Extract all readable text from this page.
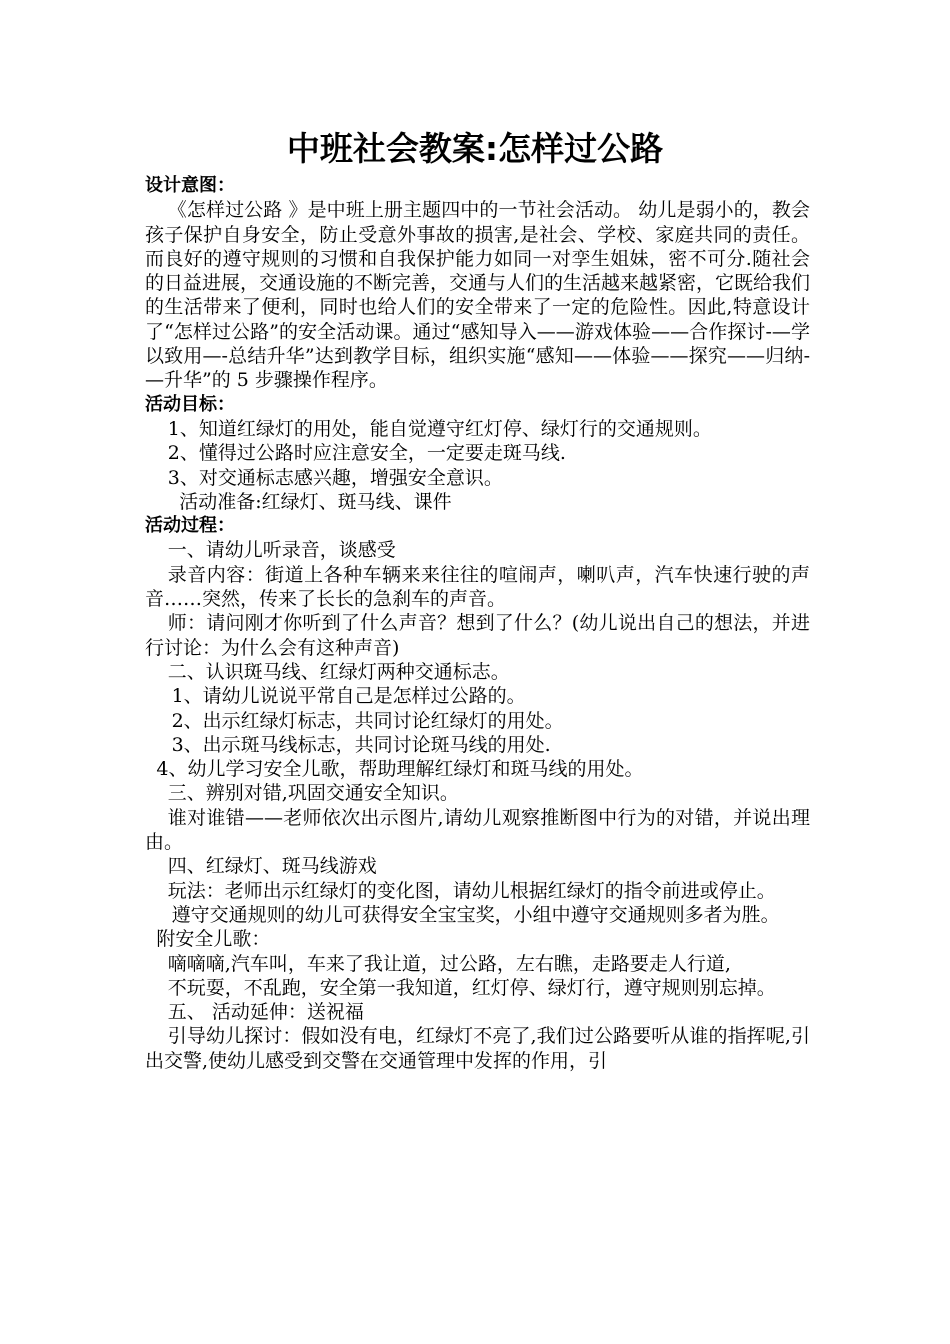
中班社会教案:怎样过公路

设计意图：

《怎样过公路 》是中班上册主题四中的一节社会活动。 幼儿是弱小的，教会孩子保护自身安全，防止受意外事故的损害,是社会、学校、家庭共同的责任。而良好的遵守规则的习惯和自我保护能力如同一对孪生姐妹，密不可分.随社会的日益进展，交通设施的不断完善，交通与人们的生活越来越紧密，它既给我们的生活带来了便利，同时也给人们的安全带来了一定的危险性。因此,特意设计了“怎样过公路”的安全活动课。通过“感知导入——游戏体验——合作探讨-—学以致用—-总结升华”达到教学目标，组织实施“感知——体验——探究——归纳-—升华”的 5 步骤操作程序。

活动目标：

1、知道红绿灯的用处，能自觉遵守红灯停、绿灯行的交通规则。

2、懂得过公路时应注意安全，一定要走斑马线.

3、对交通标志感兴趣，增强安全意识。

活动准备:红绿灯、斑马线、课件

活动过程：

一、请幼儿听录音，谈感受

录音内容：街道上各种车辆来来往往的喧闹声，喇叭声，汽车快速行驶的声音……突然，传来了长长的急刹车的声音。

师：请问刚才你听到了什么声音？想到了什么？(幼儿说出自己的想法，并进行讨论：为什么会有这种声音)

二、认识斑马线、红绿灯两种交通标志。

1、请幼儿说说平常自己是怎样过公路的。

2、出示红绿灯标志，共同讨论红绿灯的用处。

3、出示斑马线标志，共同讨论斑马线的用处.

4、幼儿学习安全儿歌，帮助理解红绿灯和斑马线的用处。

三、辨别对错,巩固交通安全知识。

谁对谁错——老师依次出示图片,请幼儿观察推断图中行为的对错，并说出理由。

四、红绿灯、斑马线游戏

玩法：老师出示红绿灯的变化图，请幼儿根据红绿灯的指令前进或停止。

遵守交通规则的幼儿可获得安全宝宝奖，小组中遵守交通规则多者为胜。

附安全儿歌：

嘀嘀嘀,汽车叫，车来了我让道，过公路，左右瞧，走路要走人行道,

不玩耍，不乱跑，安全第一我知道，红灯停、绿灯行，遵守规则别忘掉。

五、 活动延伸：送祝福

引导幼儿探讨：假如没有电，红绿灯不亮了,我们过公路要听从谁的指挥呢,引出交警,使幼儿感受到交警在交通管理中发挥的作用，引
